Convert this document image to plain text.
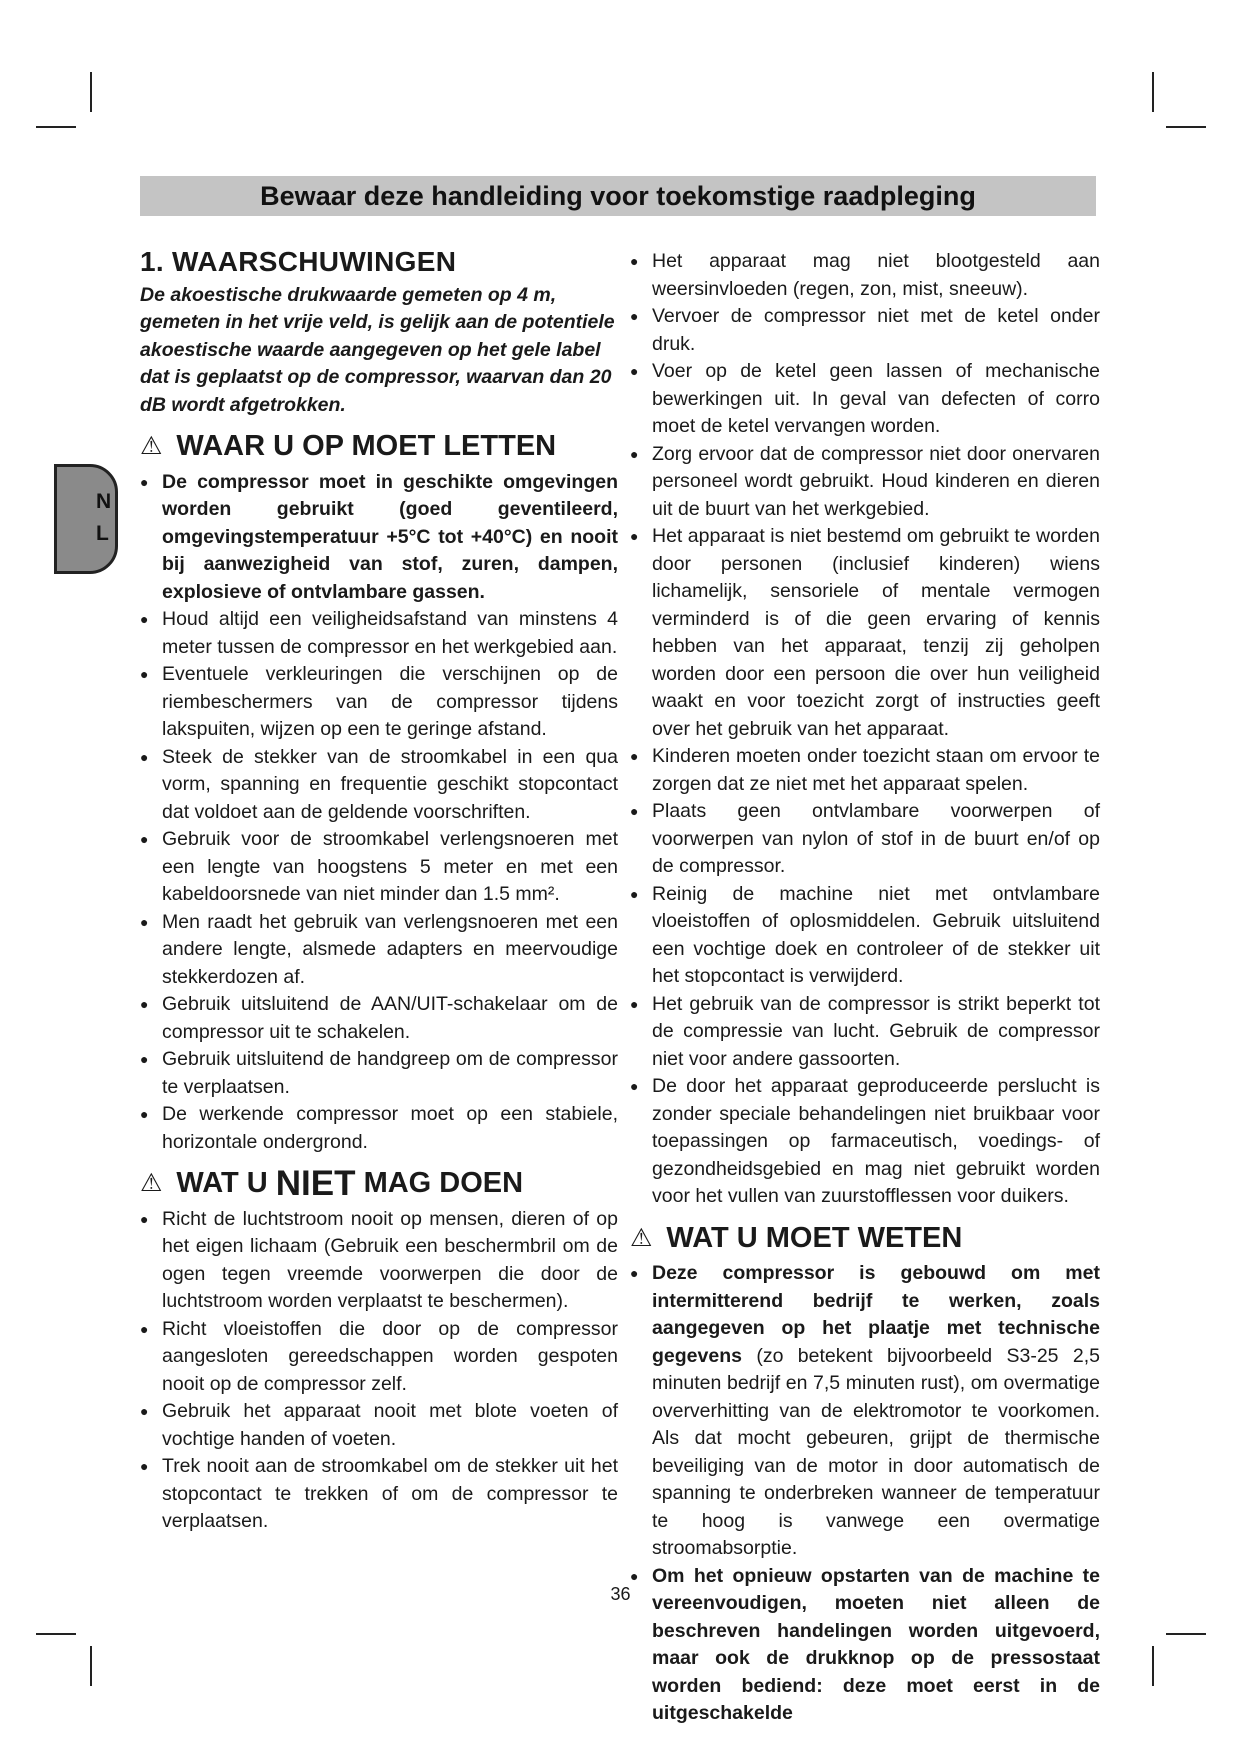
Bewaar deze handleiding voor toekomstige raadpleging
N
L
1. WAARSCHUWINGEN

De akoestische drukwaarde gemeten op 4 m, gemeten in het vrije veld, is gelijk aan de potentiele akoestische waarde aangegeven op het gele label dat is geplaatst op de compressor, waarvan dan 20 dB wordt afgetrokken.

⚠ WAAR U OP MOET LETTEN
● De compressor moet in geschikte omgevingen worden gebruikt (goed geventileerd, omgevingstemperatuur +5°C tot +40°C) en nooit bij aanwezigheid van stof, zuren, dampen, explosieve of ontvlambare gassen.
● Houd altijd een veiligheidsafstand van minstens 4 meter tussen de compressor en het werkgebied aan.
● Eventuele verkleuringen die verschijnen op de riembeschermers van de compressor tijdens lakspuiten, wijzen op een te geringe afstand.
● Steek de stekker van de stroomkabel in een qua vorm, spanning en frequentie geschikt stopcontact dat voldoet aan de geldende voorschriften.
● Gebruik voor de stroomkabel verlengsnoeren met een lengte van hoogstens 5 meter en met een kabeldoorsnede van niet minder dan 1.5 mm².
● Men raadt het gebruik van verlengsnoeren met een andere lengte, alsmede adapters en meervoudige stekkerdozen af.
● Gebruik uitsluitend de AAN/UIT-schakelaar om de compressor uit te schakelen.
● Gebruik uitsluitend de handgreep om de compressor te verplaatsen.
● De werkende compressor moet op een stabiele, horizontale ondergrond.
⚠ WAT U
NIET
MAG DOEN
● Richt de luchtstroom nooit op mensen, dieren of op het eigen lichaam (Gebruik een beschermbril om de ogen tegen vreemde voorwerpen die door de luchtstroom worden verplaatst te beschermen).
● Richt vloeistoffen die door op de compressor aangesloten gereedschappen worden gespoten nooit op de compressor zelf.
● Gebruik het apparaat nooit met blote voeten of vochtige handen of voeten.
● Trek nooit aan de stroomkabel om de stekker uit het stopcontact te trekken of om de compressor te verplaatsen.
● Het apparaat mag niet blootgesteld aan weersinvloeden (regen, zon, mist, sneeuw).
● Vervoer de compressor niet met de ketel onder druk.
● Voer op de ketel geen lassen of mechanische bewerkingen uit. In geval van defecten of corro moet de ketel vervangen worden.
● Zorg ervoor dat de compressor niet door onervaren personeel wordt gebruikt. Houd kinderen en dieren uit de buurt van het werkgebied.
● Het apparaat is niet bestemd om gebruikt te worden door personen (inclusief kinderen) wiens lichamelijk, sensoriele of mentale vermogen verminderd is of die geen ervaring of kennis hebben van het apparaat, tenzij zij geholpen worden door een persoon die over hun veiligheid waakt en voor toezicht zorgt of instructies geeft over het gebruik van het apparaat.
● Kinderen moeten onder toezicht staan om ervoor te zorgen dat ze niet met het apparaat spelen.
● Plaats geen ontvlambare voorwerpen of voorwerpen van nylon of stof in de buurt en/of op de compressor.
● Reinig de machine niet met ontvlambare vloeistoffen of oplosmiddelen. Gebruik uitsluitend een vochtige doek en controleer of de stekker uit het stopcontact is verwijderd.
● Het gebruik van de compressor is strikt beperkt tot de compressie van lucht. Gebruik de compressor niet voor andere gassoorten.
● De door het apparaat geproduceerde perslucht is zonder speciale behandelingen niet bruikbaar voor toepassingen op farmaceutisch, voedings- of gezondheidsgebied en mag niet gebruikt worden voor het vullen van zuurstofflessen voor duikers.
⚠ WAT U MOET WETEN
● Deze compressor is gebouwd om met intermitterend bedrijf te werken, zoals aangegeven op het plaatje met technische gegevens (zo betekent bijvoorbeeld S3-25 2,5 minuten bedrijf en 7,5 minuten rust), om overmatige oververhitting van de elektromotor te voorkomen. Als dat mocht gebeuren, grijpt de thermische beveiliging van de motor in door automatisch de spanning te onderbreken wanneer de temperatuur te hoog is vanwege een overmatige stroomabsorptie.
● Om het opnieuw opstarten van de machine te vereenvoudigen, moeten niet alleen de beschreven handelingen worden uitgevoerd, maar ook de drukknop op de pressostaat worden bediend: deze moet eerst in de uitgeschakelde
36
